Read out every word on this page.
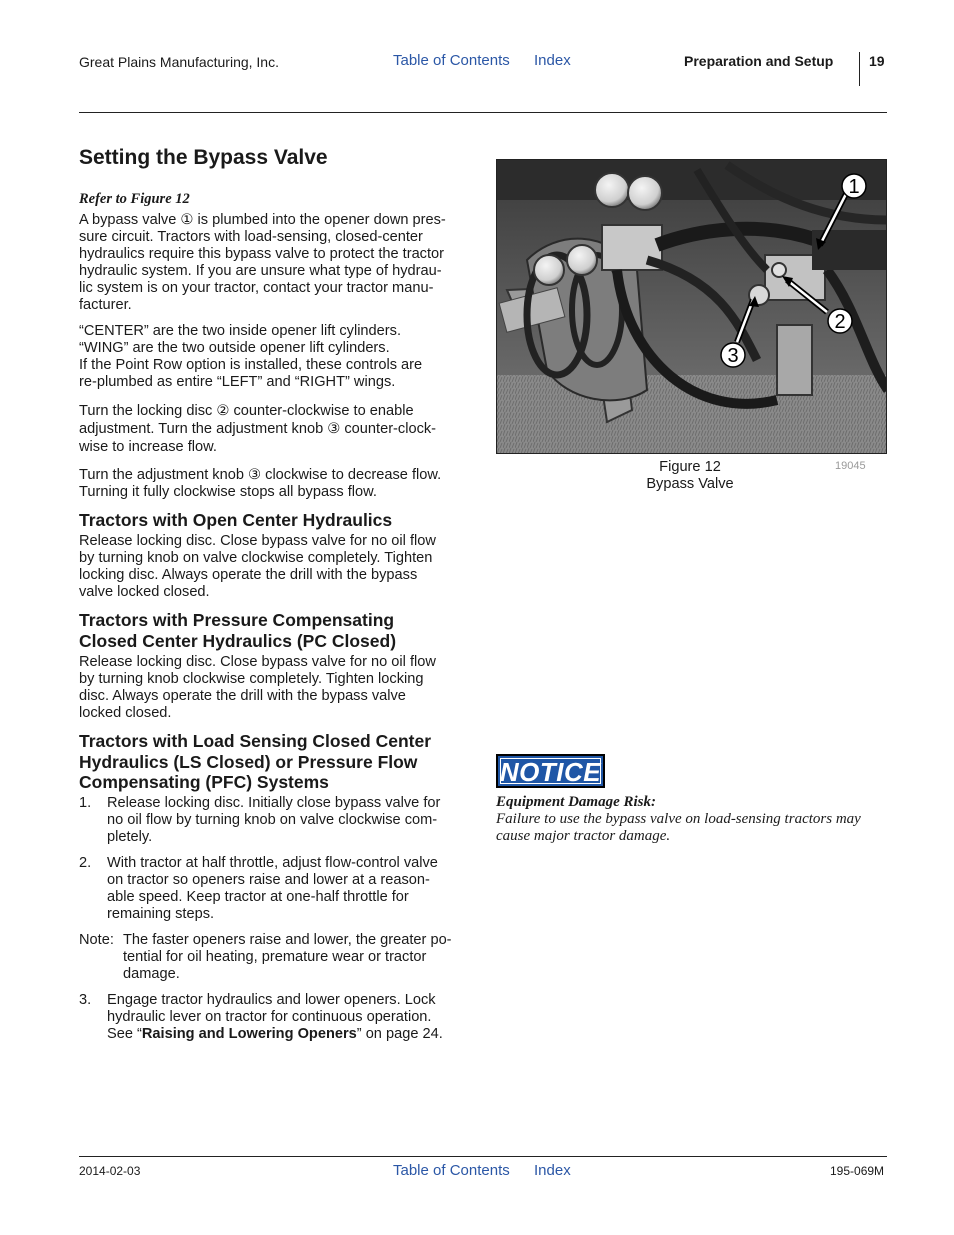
Great Plains Manufacturing, Inc.	Table of Contents Index	Preparation and Setup	19
Setting the Bypass Valve
Refer to Figure 12
A bypass valve ① is plumbed into the opener down pres-
sure circuit. Tractors with load-sensing, closed-center
hydraulics require this bypass valve to protect the tractor
hydraulic system. If you are unsure what type of hydrau-
lic system is on your tractor, contact your tractor manu-
facturer.
“CENTER” are the two inside opener lift cylinders.
“WING” are the two outside opener lift cylinders.
If the Point Row option is installed, these controls are
re-plumbed as entire “LEFT” and “RIGHT” wings.
Turn the locking disc ② counter-clockwise to enable
adjustment. Turn the adjustment knob ③ counter-clock-
wise to increase flow.
Turn the adjustment knob ③ clockwise to decrease flow.
Turning it fully clockwise stops all bypass flow.
Tractors with Open Center Hydraulics
Release locking disc. Close bypass valve for no oil flow
by turning knob on valve clockwise completely. Tighten
locking disc. Always operate the drill with the bypass
valve locked closed.
Tractors with Pressure Compensating
Closed Center Hydraulics (PC Closed)
Release locking disc. Close bypass valve for no oil flow
by turning knob clockwise completely. Tighten locking
disc. Always operate the drill with the bypass valve
locked closed.
Tractors with Load Sensing Closed Center
Hydraulics (LS Closed) or Pressure Flow
Compensating (PFC) Systems
1. Release locking disc. Initially close bypass valve for
no oil flow by turning knob on valve clockwise com-
pletely.
2. With tractor at half throttle, adjust flow-control valve
on tractor so openers raise and lower at a reason-
able speed. Keep tractor at one-half throttle for
remaining steps.
Note: The faster openers raise and lower, the greater po-
tential for oil heating, premature wear or tractor
damage.
3. Engage tractor hydraulics and lower openers. Lock
hydraulic lever on tractor for continuous operation.
See “Raising and Lowering Openers” on page 24.
1
2
3
Figure 12
Bypass Valve
19045
NOTICE
Equipment Damage Risk:
Failure to use the bypass valve on load-sensing tractors may
cause major tractor damage.
2014-02-03	Table of Contents Index	195-069M
